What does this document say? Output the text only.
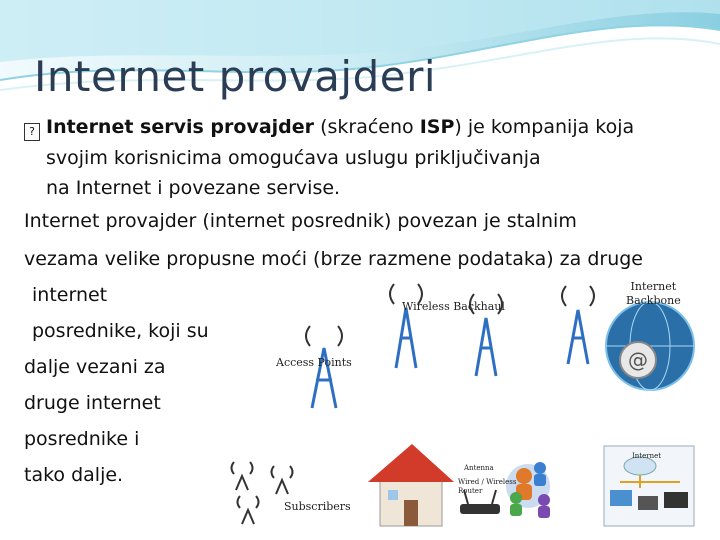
Internet provajderi
? Internet servis provajder (skraćeno ISP) je kompanija koja
svojim korisnicima omogućava uslugu priključivanja
na Internet i povezane servise.
Internet provajder (internet posrednik) povezan je stalnim
vezama velike propusne moći (brze razmene podataka) za druge
internet
posrednike, koji su
dalje vezani za
druge internet
posrednike i
tako dalje.
@
Wireless Backhaul
Internet
Backbone
Access Points
Subscribers
Antenna
Wired / Wireless
Router
Internet
